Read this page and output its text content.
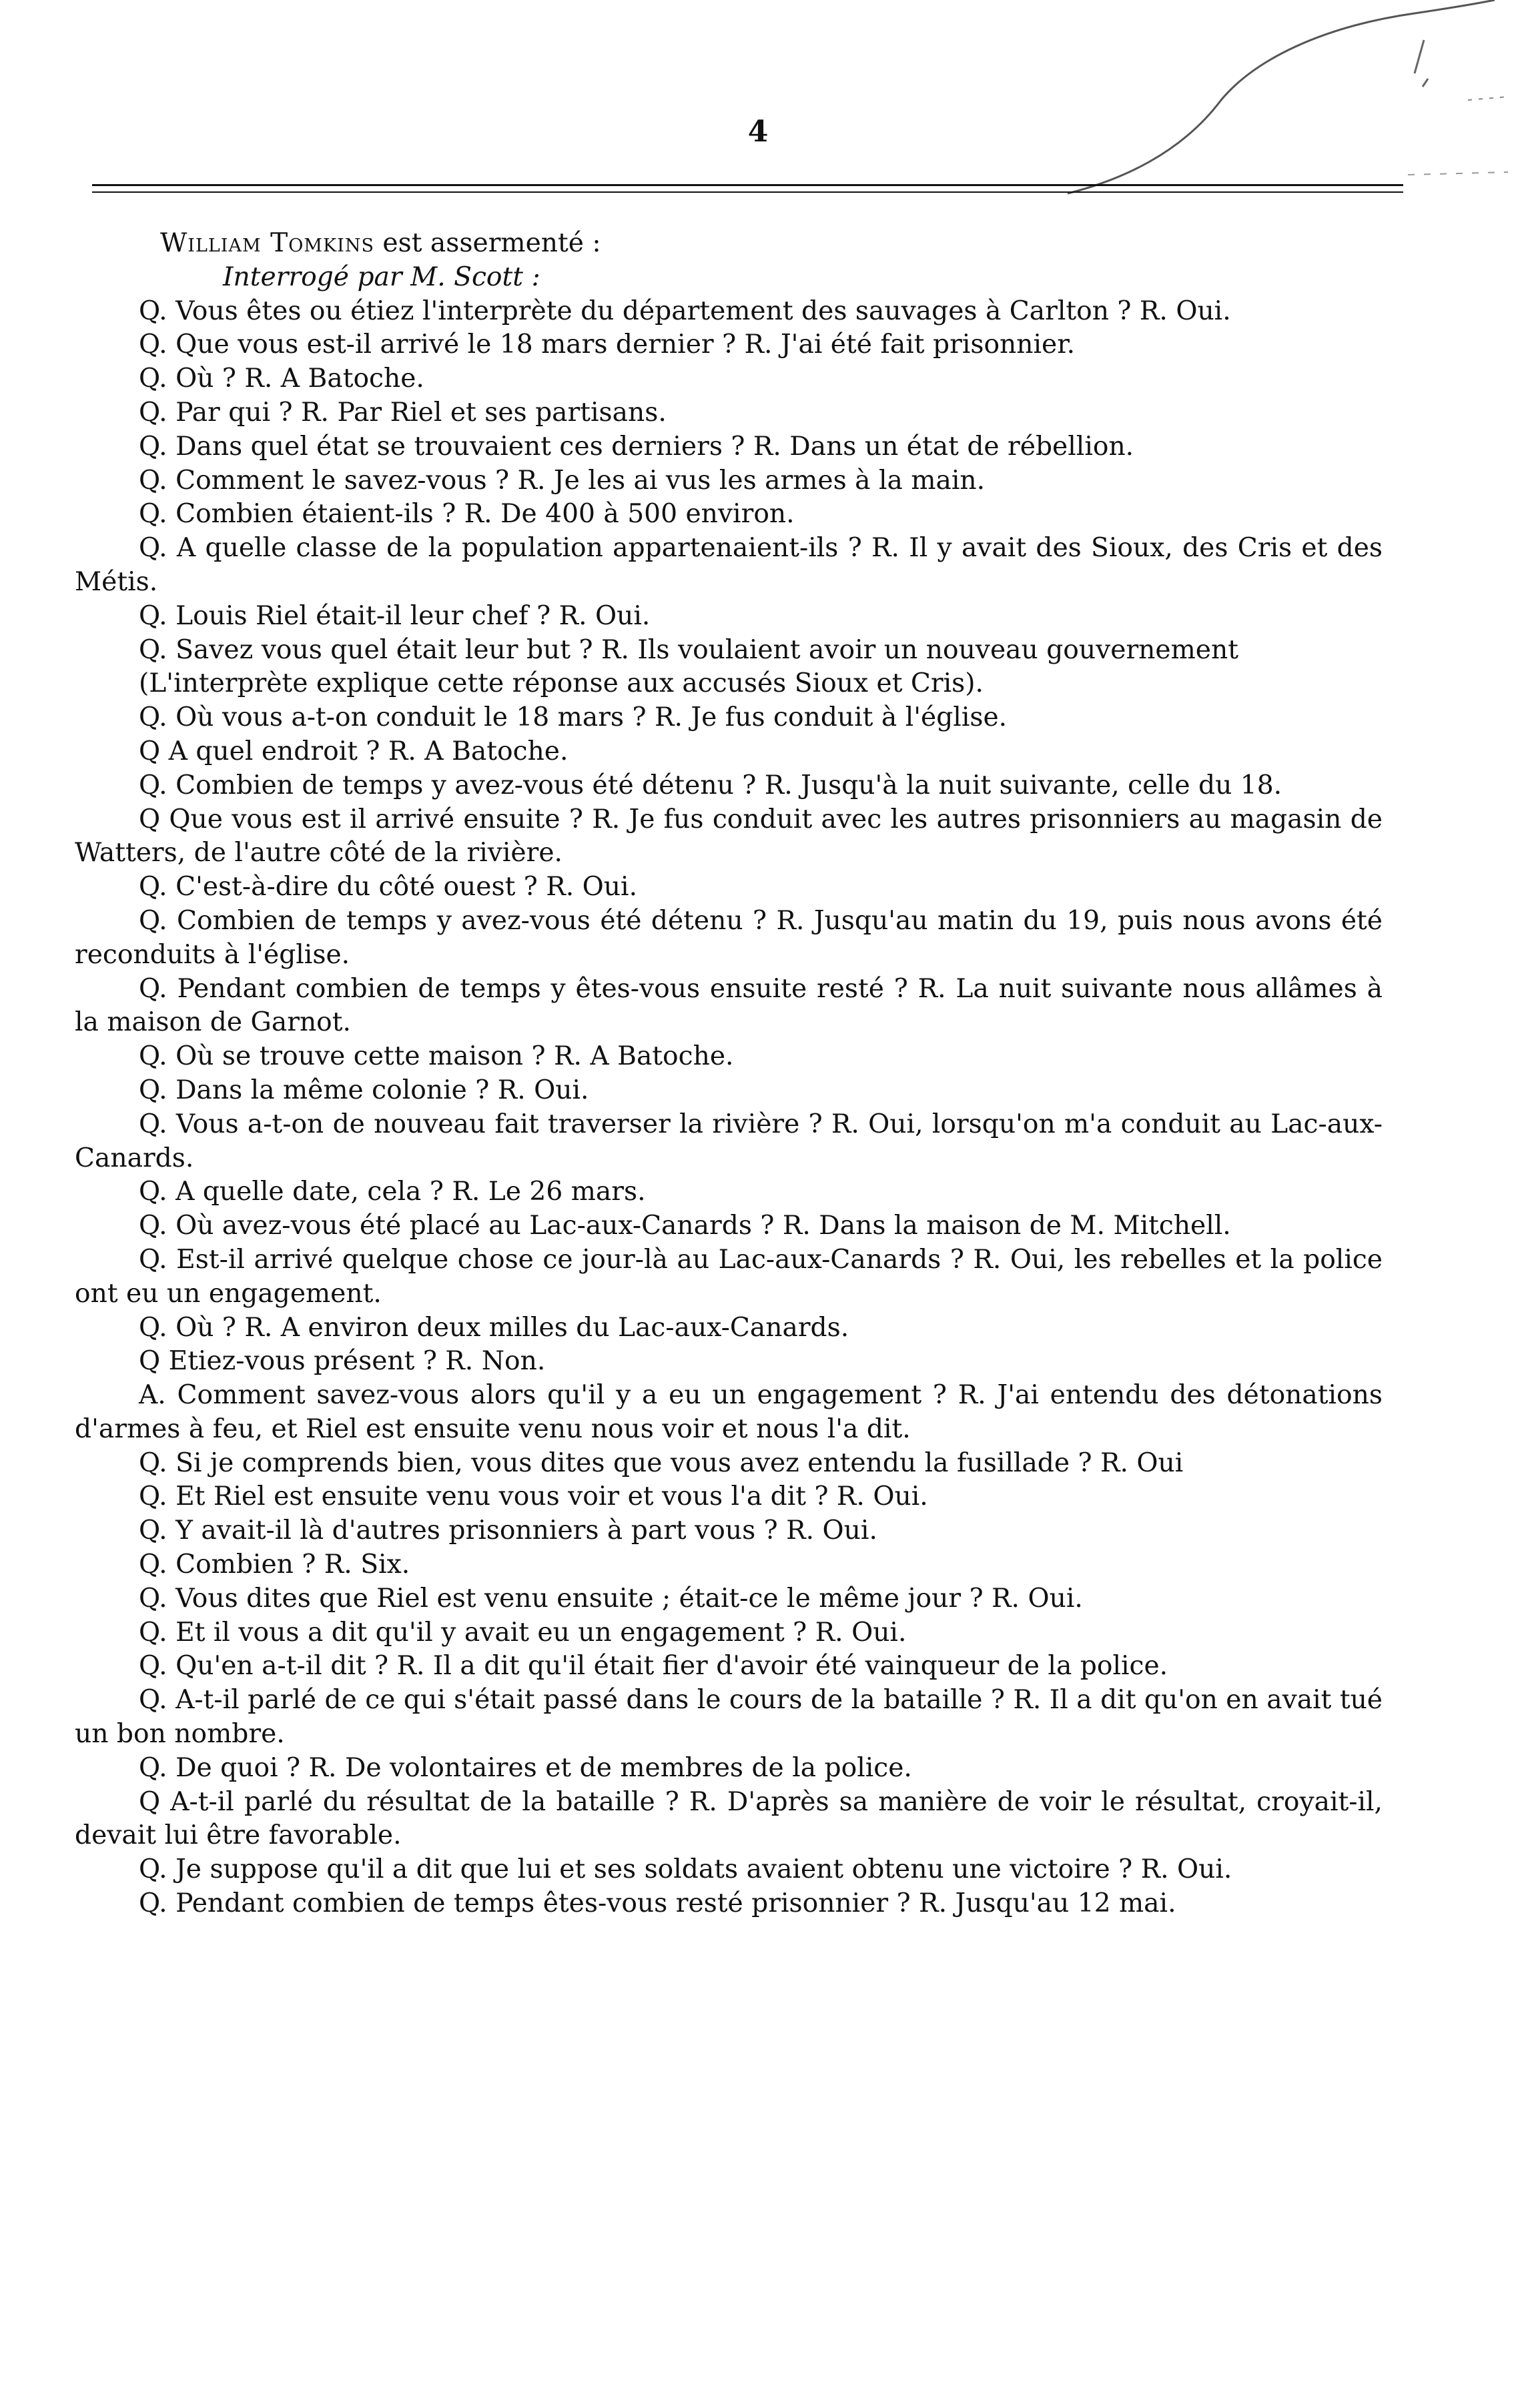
4
William Tomkins est assermenté :
Interrogé par M. Scott :

Q. Vous êtes ou étiez l'interprète du département des sauvages à Carlton ? R. Oui.

Q. Que vous est-il arrivé le 18 mars dernier ? R. J'ai été fait prisonnier.

Q. Où ? R. A Batoche.

Q. Par qui ? R. Par Riel et ses partisans.

Q. Dans quel état se trouvaient ces derniers ? R. Dans un état de rébellion.

Q. Comment le savez-vous ? R. Je les ai vus les armes à la main.

Q. Combien étaient-ils ? R. De 400 à 500 environ.

Q. A quelle classe de la population appartenaient-ils ? R. Il y avait des Sioux, des Cris et des Métis.

Q. Louis Riel était-il leur chef ? R. Oui.

Q. Savez vous quel était leur but ? R. Ils voulaient avoir un nouveau gouvernement

(L'interprète explique cette réponse aux accusés Sioux et Cris).

Q. Où vous a-t-on conduit le 18 mars ? R. Je fus conduit à l'église.

Q A quel endroit ? R. A Batoche.

Q. Combien de temps y avez-vous été détenu ? R. Jusqu'à la nuit suivante, celle du 18.

Q Que vous est il arrivé ensuite ? R. Je fus conduit avec les autres prisonniers au magasin de Watters, de l'autre côté de la rivière.

Q. C'est-à-dire du côté ouest ? R. Oui.

Q. Combien de temps y avez-vous été détenu ? R. Jusqu'au matin du 19, puis nous avons été reconduits à l'église.

Q. Pendant combien de temps y êtes-vous ensuite resté ? R. La nuit suivante nous allâmes à la maison de Garnot.

Q. Où se trouve cette maison ? R. A Batoche.

Q. Dans la même colonie ? R. Oui.

Q. Vous a-t-on de nouveau fait traverser la rivière ? R. Oui, lorsqu'on m'a conduit au Lac-aux-Canards.

Q. A quelle date, cela ? R. Le 26 mars.

Q. Où avez-vous été placé au Lac-aux-Canards ? R. Dans la maison de M. Mitchell.

Q. Est-il arrivé quelque chose ce jour-là au Lac-aux-Canards ? R. Oui, les rebelles et la police ont eu un engagement.

Q. Où ? R. A environ deux milles du Lac-aux-Canards.

Q Etiez-vous présent ? R. Non.

A. Comment savez-vous alors qu'il y a eu un engagement ? R. J'ai entendu des détonations d'armes à feu, et Riel est ensuite venu nous voir et nous l'a dit.

Q. Si je comprends bien, vous dites que vous avez entendu la fusillade ? R. Oui

Q. Et Riel est ensuite venu vous voir et vous l'a dit ? R. Oui.

Q. Y avait-il là d'autres prisonniers à part vous ? R. Oui.

Q. Combien ? R. Six.

Q. Vous dites que Riel est venu ensuite ; était-ce le même jour ? R. Oui.

Q. Et il vous a dit qu'il y avait eu un engagement ? R. Oui.

Q. Qu'en a-t-il dit ? R. Il a dit qu'il était fier d'avoir été vainqueur de la police.

Q. A-t-il parlé de ce qui s'était passé dans le cours de la bataille ? R. Il a dit qu'on en avait tué un bon nombre.

Q. De quoi ? R. De volontaires et de membres de la police.

Q A-t-il parlé du résultat de la bataille ? R. D'après sa manière de voir le résultat, croyait-il, devait lui être favorable.

Q. Je suppose qu'il a dit que lui et ses soldats avaient obtenu une victoire ? R. Oui.

Q. Pendant combien de temps êtes-vous resté prisonnier ? R. Jusqu'au 12 mai.
